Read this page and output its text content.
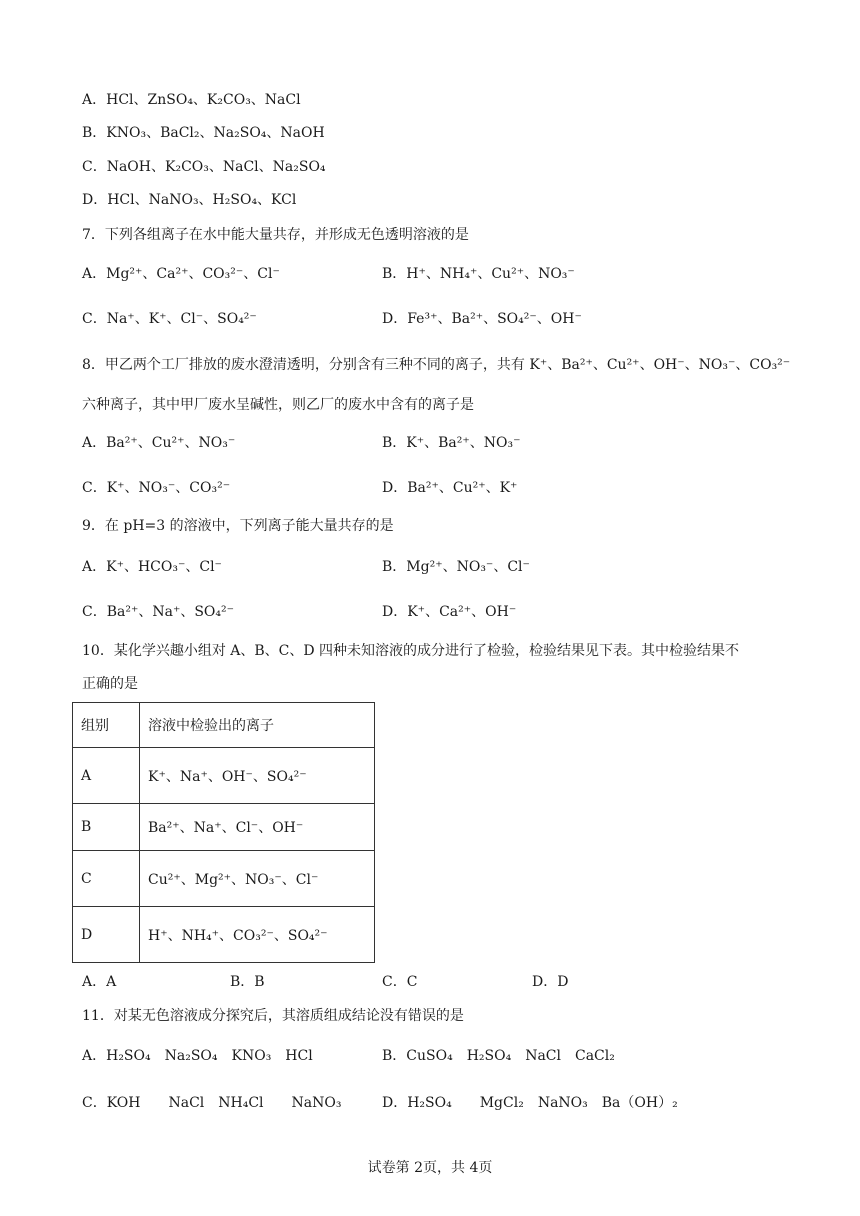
A．HCl、ZnSO₄、K₂CO₃、NaCl
B．KNO₃、BaCl₂、Na₂SO₄、NaOH
C．NaOH、K₂CO₃、NaCl、Na₂SO₄
D．HCl、NaNO₃、H₂SO₄、KCl
7．下列各组离子在水中能大量共存，并形成无色透明溶液的是
A．Mg²⁺、Ca²⁺、CO₃²⁻、Cl⁻	B．H⁺、NH₄⁺、Cu²⁺、NO₃⁻
C．Na⁺、K⁺、Cl⁻、SO₄²⁻	D．Fe³⁺、Ba²⁺、SO₄²⁻、OH⁻
8．甲乙两个工厂排放的废水澄清透明，分别含有三种不同的离子，共有 K⁺、Ba²⁺、Cu²⁺、OH⁻、NO₃⁻、CO₃²⁻
六种离子，其中甲厂废水呈碱性，则乙厂的废水中含有的离子是
A．Ba²⁺、Cu²⁺、NO₃⁻	B．K⁺、Ba²⁺、NO₃⁻
C．K⁺、NO₃⁻、CO₃²⁻	D．Ba²⁺、Cu²⁺、K⁺
9．在 pH=3 的溶液中，下列离子能大量共存的是
A．K⁺、HCO₃⁻、Cl⁻	B．Mg²⁺、NO₃⁻、Cl⁻
C．Ba²⁺、Na⁺、SO₄²⁻	D．K⁺、Ca²⁺、OH⁻
10．某化学兴趣小组对 A、B、C、D 四种未知溶液的成分进行了检验，检验结果见下表。其中检验结果不
正确的是
组别	溶液中检验出的离子
A	K⁺、Na⁺、OH⁻、SO₄²⁻
B	Ba²⁺、Na⁺、Cl⁻、OH⁻
C	Cu²⁺、Mg²⁺、NO₃⁻、Cl⁻
D	H⁺、NH₄⁺、CO₃²⁻、SO₄²⁻
A．A	B．B	C．C	D．D
11．对某无色溶液成分探究后，其溶质组成结论没有错误的是
A．H₂SO₄　Na₂SO₄　KNO₃　HCl	B．CuSO₄　H₂SO₄　NaCl　CaCl₂
C．KOH　　NaCl　NH₄Cl　　NaNO₃	D．H₂SO₄　　MgCl₂　NaNO₃　Ba（OH）₂
试卷第 2页，共 4页
